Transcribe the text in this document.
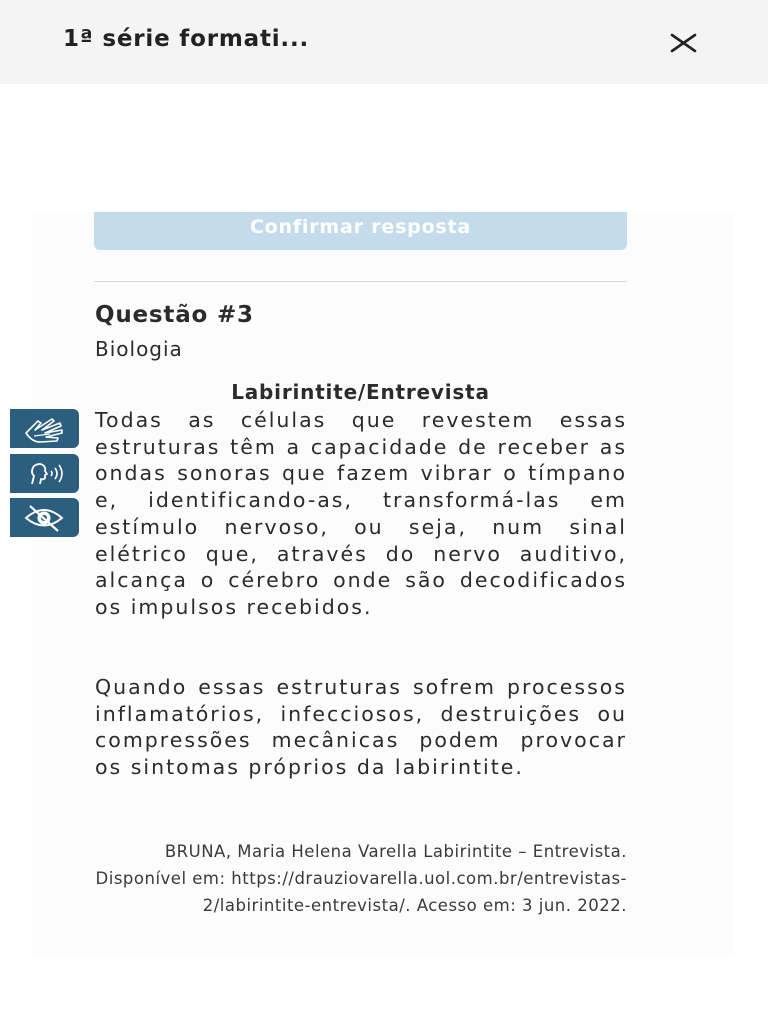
1ª série formati...
Confirmar resposta
Questão #3
Biologia
Labirintite/Entrevista
Todas as células que revestem essas estruturas têm a capacidade de receber as ondas sonoras que fazem vibrar o tímpano e, identificando-as, transformá-las em estímulo nervoso, ou seja, num sinal elétrico que, através do nervo auditivo, alcança o cérebro onde são decodificados os impulsos recebidos.
Quando essas estruturas sofrem processos inflamatórios, infecciosos, destruições ou compressões mecânicas podem provocar os sintomas próprios da labirintite.
BRUNA, Maria Helena Varella Labirintite – Entrevista. Disponível em: https://drauziovarella.uol.com.br/entrevistas-2/labirintite-entrevista/. Acesso em: 3 jun. 2022.
